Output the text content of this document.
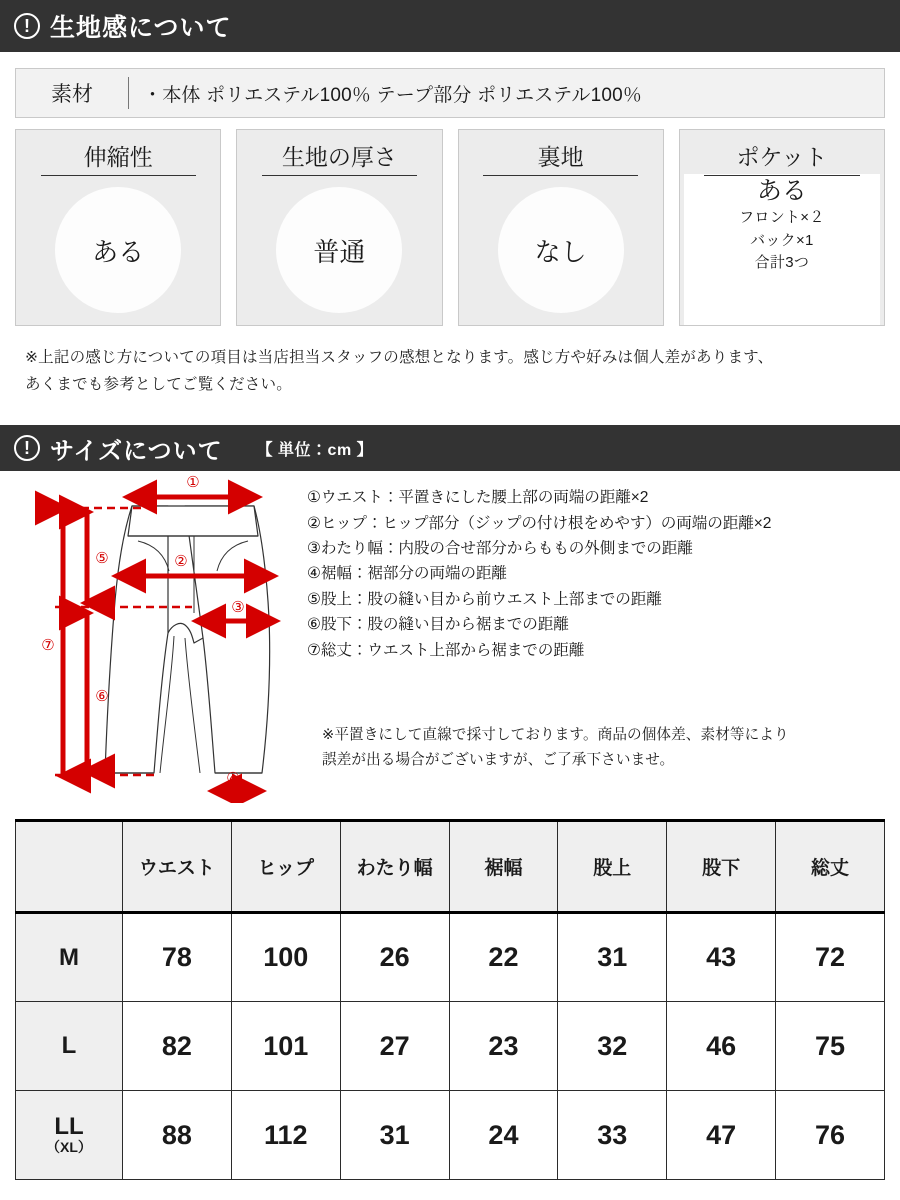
! 生地感について
素材	・本体 ポリエステル100％ テープ部分 ポリエステル100％
伸縮性
ある
生地の厚さ
普通
裏地
なし
ポケット
ある
フロント×２
バック×1
合計3つ
※上記の感じ方についての項目は当店担当スタッフの感想となります。感じ方や好みは個人差があります、
あくまでも参考としてご覧ください。
! サイズについて 【 単位：cm 】
①
②
③
④
⑤
⑥
⑦
①ウエスト：平置きにした腰上部の両端の距離×2
②ヒップ：ヒップ部分（ジップの付け根をめやす）の両端の距離×2
③わたり幅：内股の合せ部分からももの外側までの距離
④裾幅：裾部分の両端の距離
⑤股上：股の縫い目から前ウエスト上部までの距離
⑥股下：股の縫い目から裾までの距離
⑦総丈：ウエスト上部から裾までの距離
※平置きにして直線で採寸しております。商品の個体差、素材等により
誤差が出る場合がございますが、ご了承下さいませ。
	ウエスト	ヒップ	わたり幅	裾幅	股上	股下	総丈
M	78	100	26	22	31	43	72
L	82	101	27	23	32	46	75
LL
（XL）	88	112	31	24	33	47	76
